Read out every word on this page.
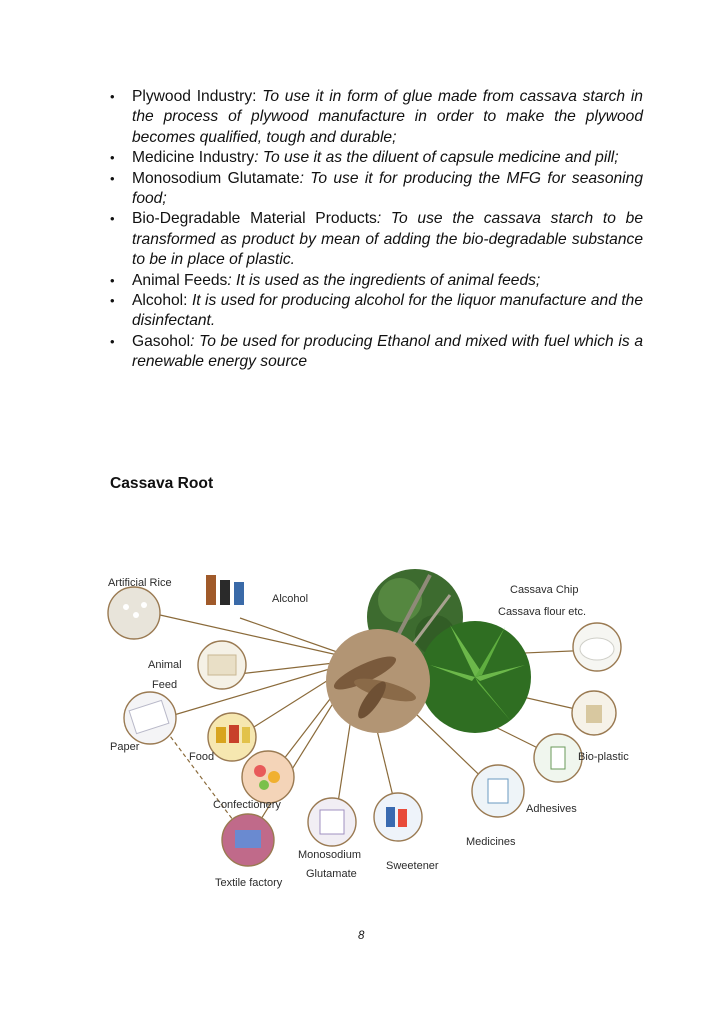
• Plywood Industry: To use it in form of glue made from cassava starch in the process of plywood manufacture in order to make the plywood becomes qualified, tough and durable;
• Medicine Industry: To use it as the diluent of capsule medicine and pill;
• Monosodium Glutamate: To use it for producing the MFG for seasoning food;
• Bio-Degradable Material Products: To use the cassava starch to be transformed as product by mean of adding the bio-degradable substance to be in place of plastic.
• Animal Feeds: It is used as the ingredients of animal feeds;
• Alcohol: It is used for producing alcohol for the liquor manufacture and the disinfectant.
• Gasohol: To be used for producing Ethanol and mixed with fuel which is a renewable energy source
Cassava Root
Artificial Rice
Alcohol
Cassava Chip
Cassava flour etc.
Animal
Feed
Paper
Food	Bio-plastic
Adhesives
Confectionery
Medicines
Monosodium
Glutamate
Sweetener
Textile factory
8
